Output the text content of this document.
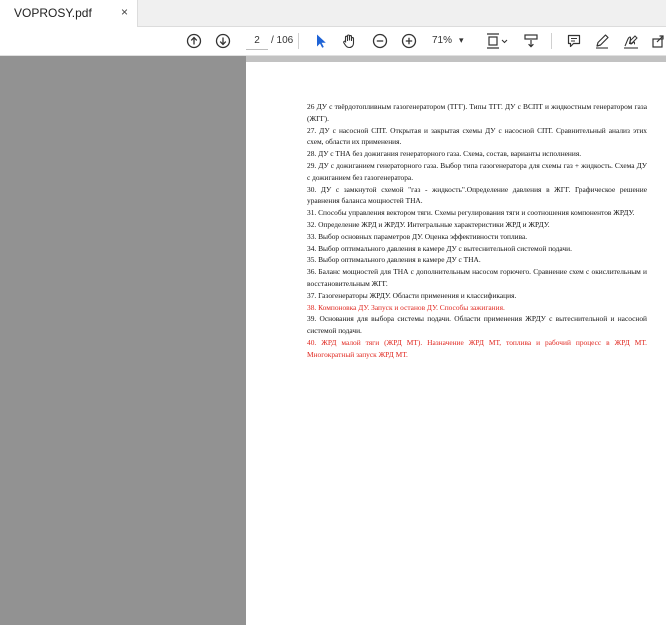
VOPROSY.pdf ×
2	/ 106	71% ▾

26 ДУ с твёрдотопливным газогенератором (ТГГ). Типы ТГГ. ДУ с ВСПТ и жидкостным генератором газа (ЖГГ).

27. ДУ с насосной СПТ. Открытая и закрытая схемы ДУ с насосной СПТ. Сравнительный анализ этих схем, области их применения.

28. ДУ с ТНА без дожигания генераторного газа. Схема, состав, варианты исполнения.

29. ДУ с дожиганием генераторного газа. Выбор типа газогенератора для схемы газ + жидкость. Схема ДУ с дожиганием без газогенератора.

30. ДУ с замкнутой схемой "газ - жидкость".Определение давления в ЖГГ. Графическое решение уравнения баланса мощностей ТНА.

31. Способы управления вектором тяги. Схемы регулирования тяги и соотношения компонентов ЖРДУ.

32. Определение ЖРД и ЖРДУ. Интегральные характеристики ЖРД и ЖРДУ.

33. Выбор основных параметров ДУ. Оценка эффективности топлива.

34. Выбор оптимального давления в камере ДУ с вытеснительной системой подачи.

35. Выбор оптимального давления в камере ДУ с ТНА.

36. Баланс мощностей для ТНА с дополнительным насосом горючего. Сравнение схем с окислительным и восстановительным ЖГГ.

37. Газогенераторы ЖРДУ. Области применения и классификация.

38. Компоновка ДУ. Запуск и останов ДУ. Способы зажигания.

39. Основания для выбора системы подачи. Области применения ЖРДУ с вытеснительной и насосной системой подачи.

40. ЖРД малой тяги (ЖРД МТ). Назначение ЖРД МТ, топлива и рабочий процесс в ЖРД МТ. Многократный запуск ЖРД МТ.
